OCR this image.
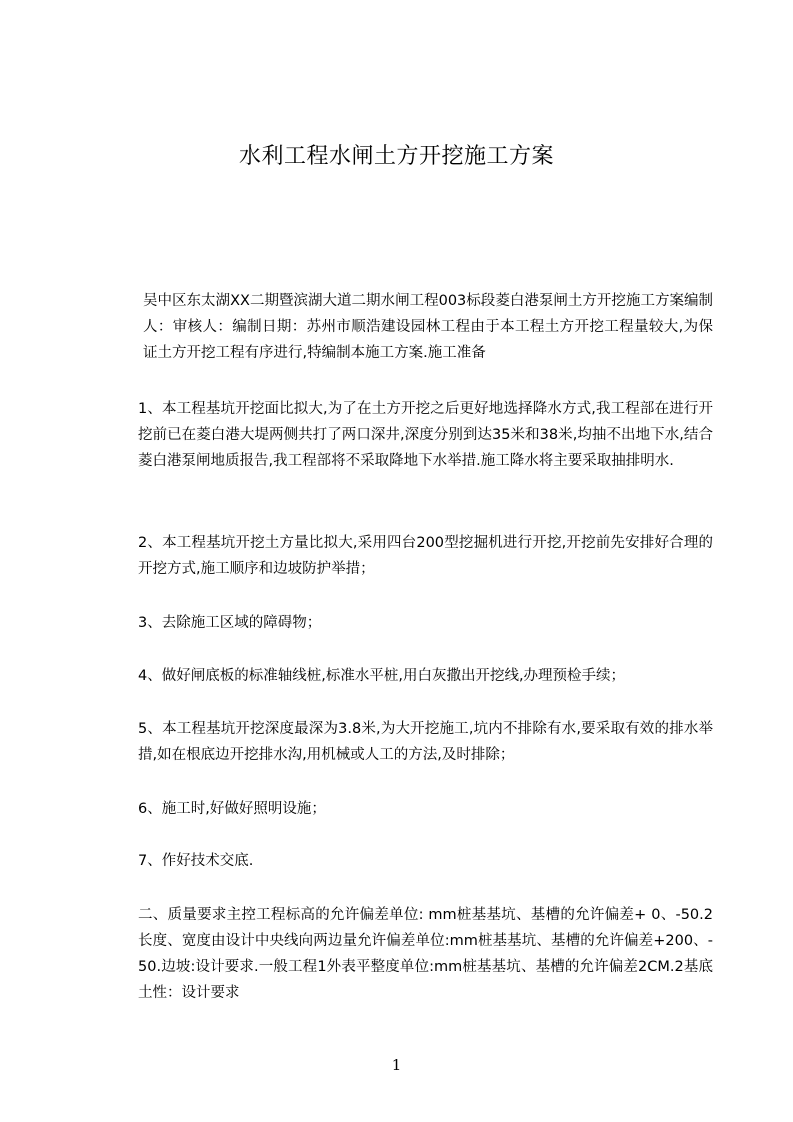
水利工程水闸土方开挖施工方案

吴中区东太湖XX二期暨滨湖大道二期水闸工程003标段菱白港泵闸土方开挖施工方案编制人：审核人：编制日期：苏州市顺浩建设园林工程由于本工程土方开挖工程量较大,为保证土方开挖工程有序进行,特编制本施工方案.施工准备

1、本工程基坑开挖面比拟大,为了在土方开挖之后更好地选择降水方式,我工程部在进行开挖前已在菱白港大堤两侧共打了两口深井,深度分别到达35米和38米,均抽不出地下水,结合菱白港泵闸地质报告,我工程部将不采取降地下水举措.施工降水将主要采取抽排明水.

2、本工程基坑开挖土方量比拟大,采用四台200型挖掘机进行开挖,开挖前先安排好合理的开挖方式,施工顺序和边坡防护举措；

3、去除施工区域的障碍物；

4、做好闸底板的标准轴线桩,标准水平桩,用白灰撒出开挖线,办理预检手续；

5、本工程基坑开挖深度最深为3.8米,为大开挖施工,坑内不排除有水,要采取有效的排水举措,如在根底边开挖排水沟,用机械或人工的方法,及时排除；

6、施工时,好做好照明设施；

7、作好技术交底.

二、质量要求主控工程标高的允许偏差单位: mm桩基基坑、基槽的允许偏差+ 0、-50.2长度、宽度由设计中央线向两边量允许偏差单位:mm桩基基坑、基槽的允许偏差+200、-50.边坡:设计要求.一般工程1外表平整度单位:mm桩基基坑、基槽的允许偏差2CM.2基底土性：设计要求

1
